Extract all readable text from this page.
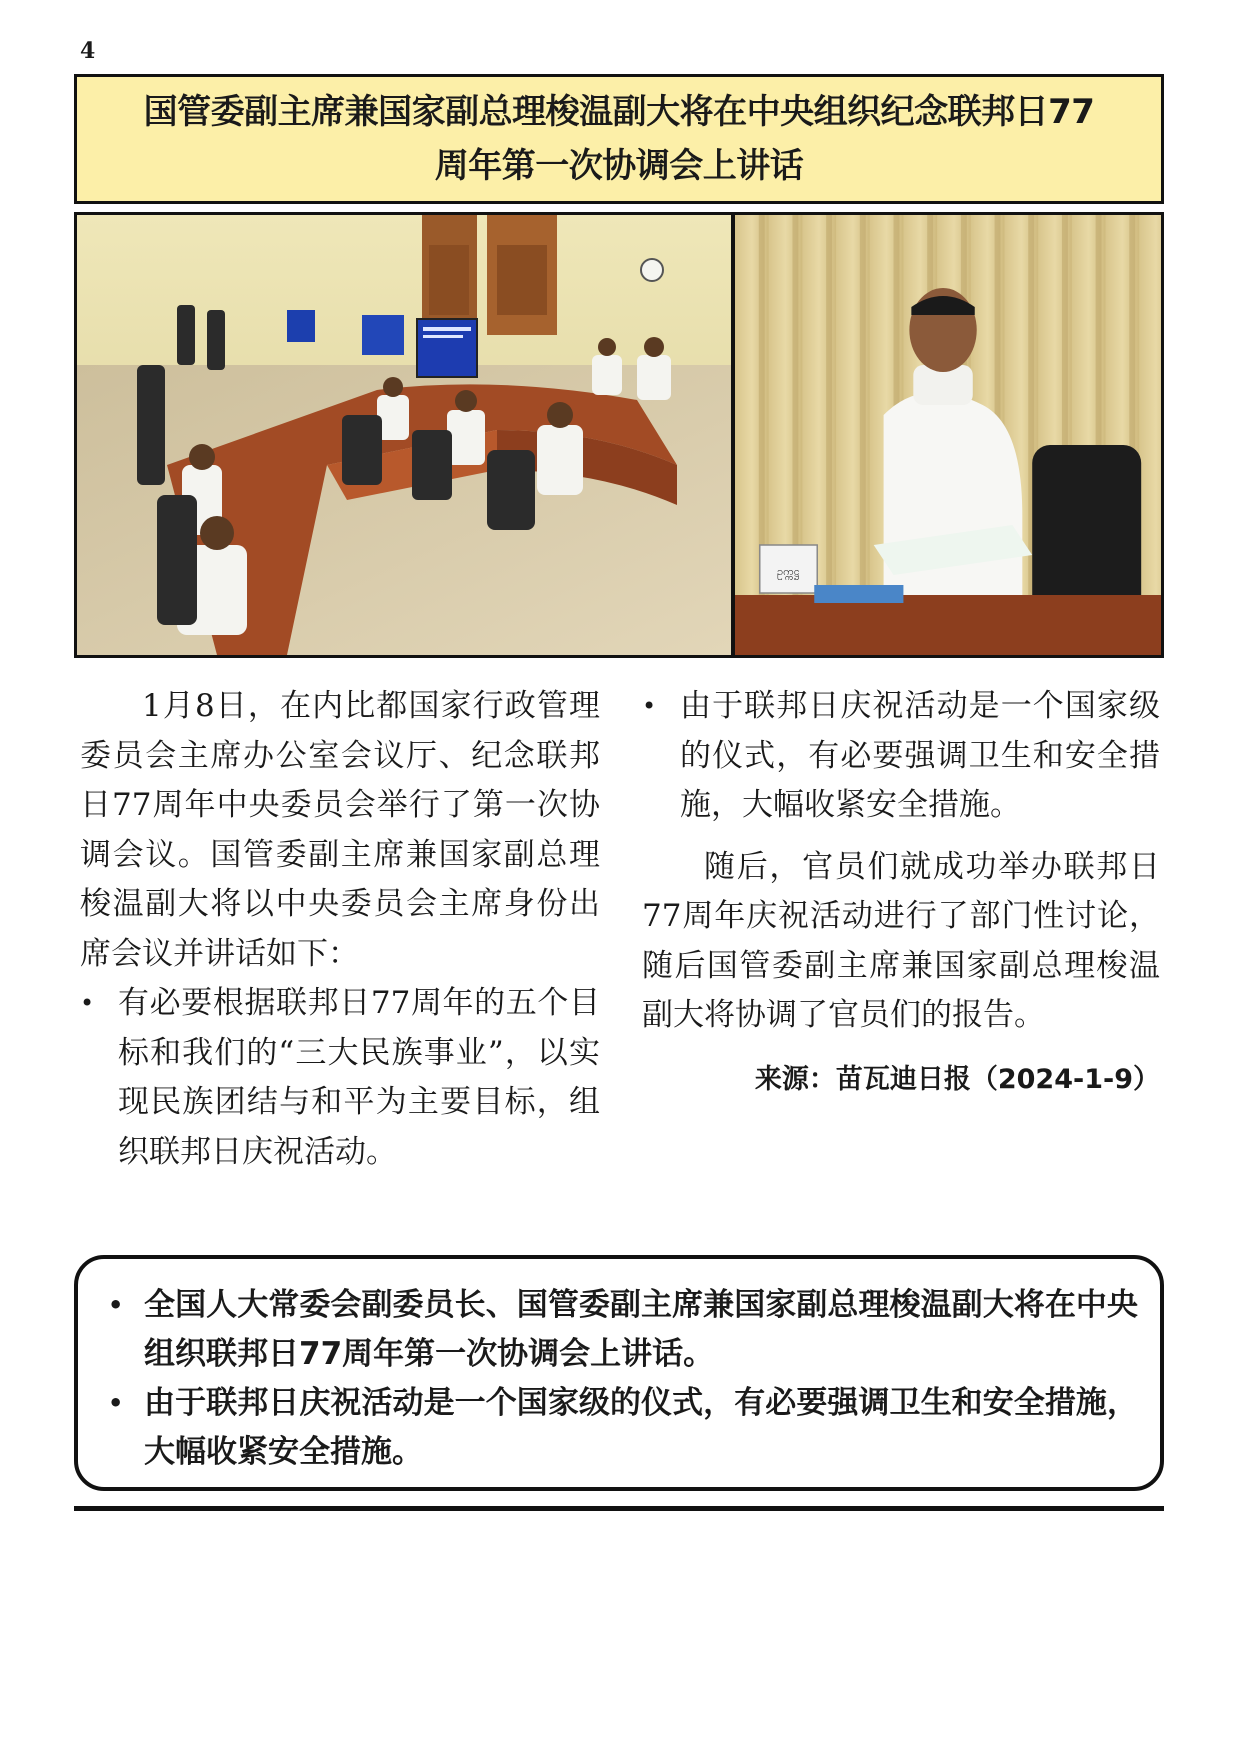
4
国管委副主席兼国家副总理梭温副大将在中央组织纪念联邦日77
周年第一次协调会上讲话
ဥက္ကဋ္ဌ

1月8日，在内比都国家行政管理委员会主席办公室会议厅、纪念联邦日77周年中央委员会举行了第一次协调会议。国管委副主席兼国家副总理梭温副大将以中央委员会主席身份出席会议并讲话如下：

• 有必要根据联邦日77周年的五个目标和我们的“三大民族事业”，以实现民族团结与和平为主要目标，组织联邦日庆祝活动。

• 由于联邦日庆祝活动是一个国家级的仪式，有必要强调卫生和安全措施，大幅收紧安全措施。

随后，官员们就成功举办联邦日77周年庆祝活动进行了部门性讨论，随后国管委副主席兼国家副总理梭温副大将协调了官员们的报告。

来源：苗瓦迪日报（2024-1-9）

• 全国人大常委会副委员长、国管委副主席兼国家副总理梭温副大将在中央组织联邦日77周年第一次协调会上讲话。

• 由于联邦日庆祝活动是一个国家级的仪式，有必要强调卫生和安全措施，大幅收紧安全措施。
